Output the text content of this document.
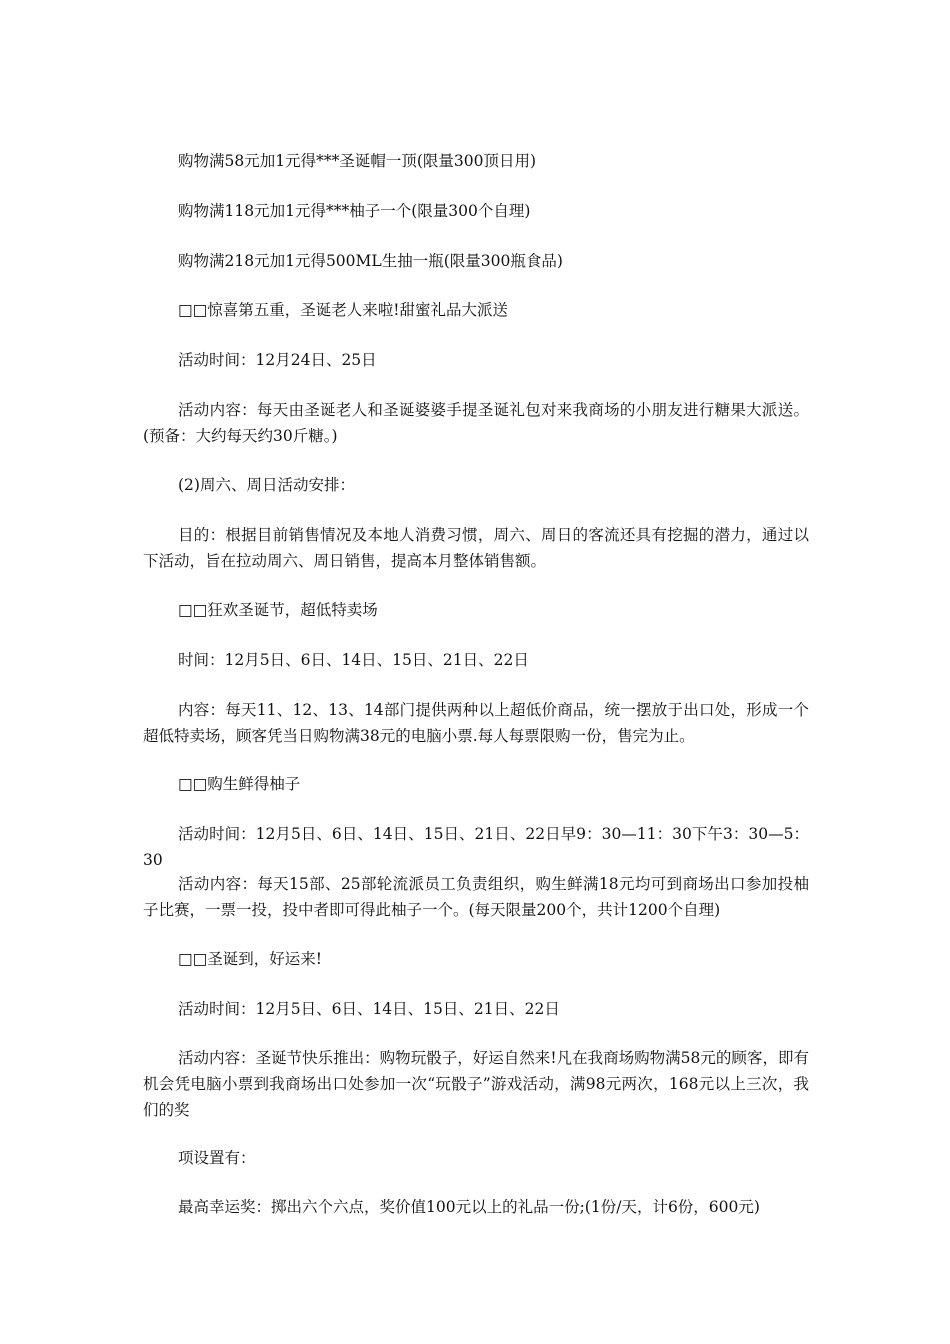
购物满58元加1元得***圣诞帽一顶(限量300顶日用)

购物满118元加1元得***柚子一个(限量300个自理)

购物满218元加1元得500ML生抽一瓶(限量300瓶食品)

□□惊喜第五重，圣诞老人来啦!甜蜜礼品大派送

活动时间：12月24日、25日

活动内容：每天由圣诞老人和圣诞婆婆手提圣诞礼包对来我商场的小朋友进行糖果大派送。(预备：大约每天约30斤糖。)

(2)周六、周日活动安排：

目的：根据目前销售情况及本地人消费习惯，周六、周日的客流还具有挖掘的潜力，通过以下活动，旨在拉动周六、周日销售，提高本月整体销售额。

□□狂欢圣诞节，超低特卖场

时间：12月5日、6日、14日、15日、21日、22日

内容：每天11、12、13、14部门提供两种以上超低价商品，统一摆放于出口处，形成一个超低特卖场，顾客凭当日购物满38元的电脑小票.每人每票限购一份，售完为止。

□□购生鲜得柚子

活动时间：12月5日、6日、14日、15日、21日、22日早9：30—11：30下午3：30—5：30

活动内容：每天15部、25部轮流派员工负责组织，购生鲜满18元均可到商场出口参加投柚子比赛，一票一投，投中者即可得此柚子一个。(每天限量200个，共计1200个自理)

□□圣诞到，好运来!

活动时间：12月5日、6日、14日、15日、21日、22日

活动内容：圣诞节快乐推出：购物玩骰子，好运自然来!凡在我商场购物满58元的顾客，即有机会凭电脑小票到我商场出口处参加一次“玩骰子”游戏活动，满98元两次，168元以上三次，我们的奖

项设置有：

最高幸运奖：掷出六个六点，奖价值100元以上的礼品一份;(1份/天，计6份，600元)
